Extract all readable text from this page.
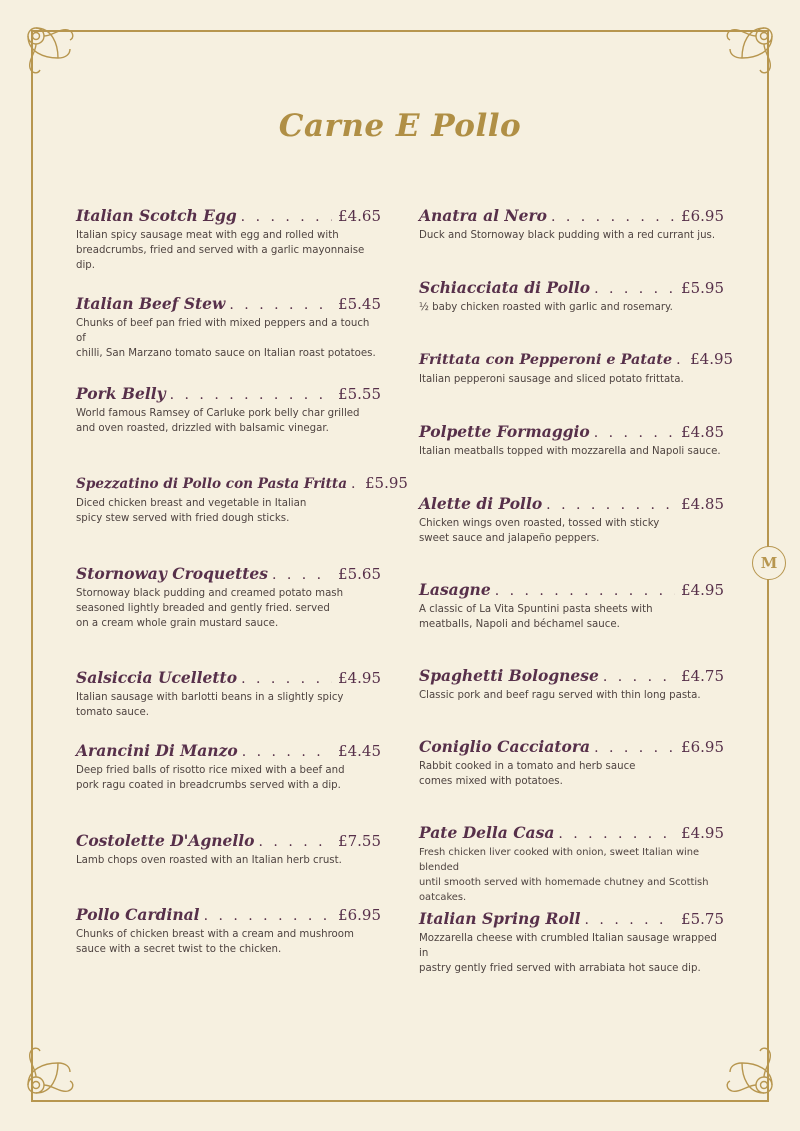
M
Carne E Pollo
Italian Scotch Egg . . .	£4.65
Italian spicy sausage meat with egg and rolled with
breadcrumbs, fried and served with a garlic mayonnaise dip.
Italian Beef Stew . . .	£5.45
Chunks of beef pan fried with mixed peppers and a touch of
chilli, San Marzano tomato sauce on Italian roast potatoes.
Pork Belly . . .	£5.55
World famous Ramsey of Carluke pork belly char grilled
and oven roasted, drizzled with balsamic vinegar.
Spezzatino di Pollo con Pasta Fritta . . . £5.95
Diced chicken breast and vegetable in Italian
spicy stew served with fried dough sticks.
Stornoway Croquettes . . .	£5.65
Stornoway black pudding and creamed potato mash
seasoned lightly breaded and gently fried. served
on a cream whole grain mustard sauce.
Salsiccia Ucelletto . . .	£4.95
Italian sausage with barlotti beans in a slightly spicy tomato sauce.
Arancini Di Manzo . . .	£4.45
Deep fried balls of risotto rice mixed with a beef and
pork ragu coated in breadcrumbs served with a dip.
Costolette D'Agnello . . .	£7.55
Lamb chops oven roasted with an Italian herb crust.
Pollo Cardinal . . .	£6.95
Chunks of chicken breast with a cream and mushroom
sauce with a secret twist to the chicken.
Anatra al Nero . . .	£6.95
Duck and Stornoway black pudding with a red currant jus.
Schiacciata di Pollo . . .	£5.95
½ baby chicken roasted with garlic and rosemary.
Frittata con Pepperoni e Patate . . . £4.95
Italian pepperoni sausage and sliced potato frittata.
Polpette Formaggio . . .	£4.85
Italian meatballs topped with mozzarella and Napoli sauce.
Alette di Pollo . . .	£4.85
Chicken wings oven roasted, tossed with sticky
sweet sauce and jalapeño peppers.
Lasagne . . .	£4.95
A classic of La Vita Spuntini pasta sheets with
meatballs, Napoli and béchamel sauce.
Spaghetti Bolognese . . .	£4.75
Classic pork and beef ragu served with thin long pasta.
Coniglio Cacciatora . . .	£6.95
Rabbit cooked in a tomato and herb sauce
comes mixed with potatoes.
Pate Della Casa . . .	£4.95
Fresh chicken liver cooked with onion, sweet Italian wine blended
until smooth served with homemade chutney and Scottish oatcakes.
Italian Spring Roll . . .	£5.75
Mozzarella cheese with crumbled Italian sausage wrapped in
pastry gently fried served with arrabiata hot sauce dip.
